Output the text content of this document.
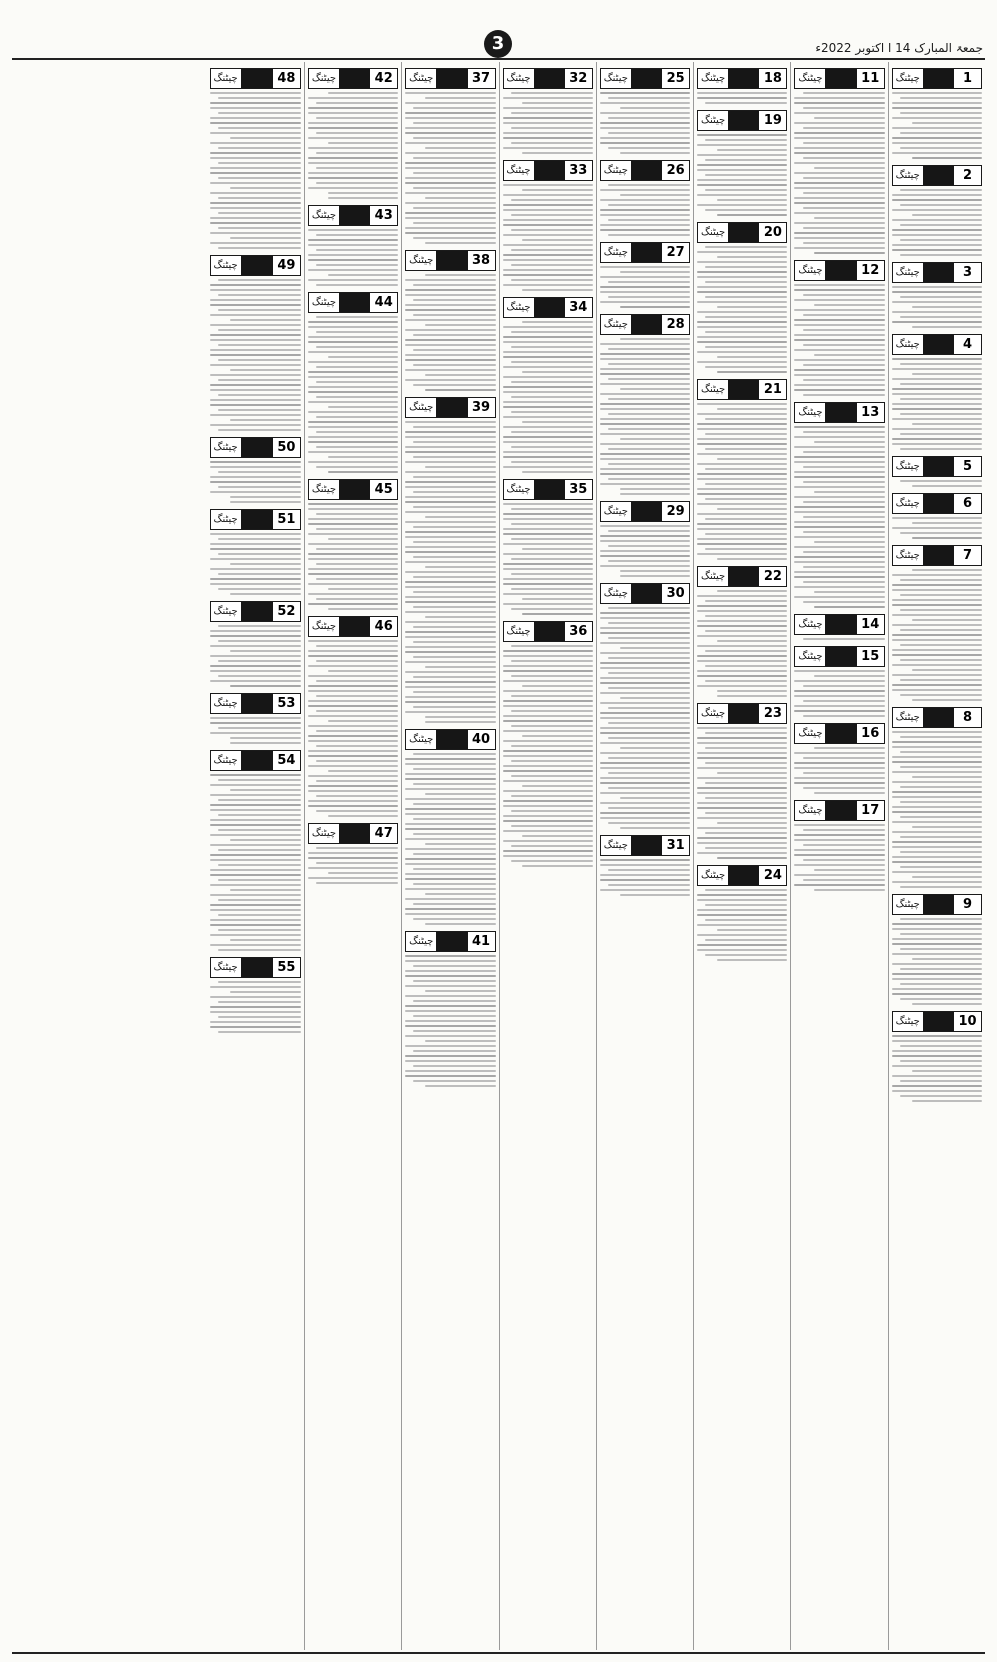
3	جمعۃ المبارک 14 ا اکتوبر 2022ء
1
چیٹنگ
2
چیٹنگ
3
چیٹنگ
4
چیٹنگ
5
چیٹنگ
6
چیٹنگ
7
چیٹنگ
8
چیٹنگ
9
چیٹنگ
10
چیٹنگ
11
چیٹنگ
12
چیٹنگ
13
چیٹنگ
14
چیٹنگ
15
چیٹنگ
16
چیٹنگ
17
چیٹنگ
18
چیٹنگ
19
چیٹنگ
20
چیٹنگ
21
چیٹنگ
22
چیٹنگ
23
چیٹنگ
24
چیٹنگ
25
چیٹنگ
26
چیٹنگ
27
چیٹنگ
28
چیٹنگ
29
چیٹنگ
30
چیٹنگ
31
چیٹنگ
32
چیٹنگ
33
چیٹنگ
34
چیٹنگ
35
چیٹنگ
36
چیٹنگ
37
چیٹنگ
38
چیٹنگ
39
چیٹنگ
40
چیٹنگ
41
چیٹنگ
42
چیٹنگ
43
چیٹنگ
44
چیٹنگ
45
چیٹنگ
46
چیٹنگ
47
چیٹنگ
48
چیٹنگ
49
چیٹنگ
50
چیٹنگ
51
چیٹنگ
52
چیٹنگ
53
چیٹنگ
54
چیٹنگ
55
چیٹنگ
